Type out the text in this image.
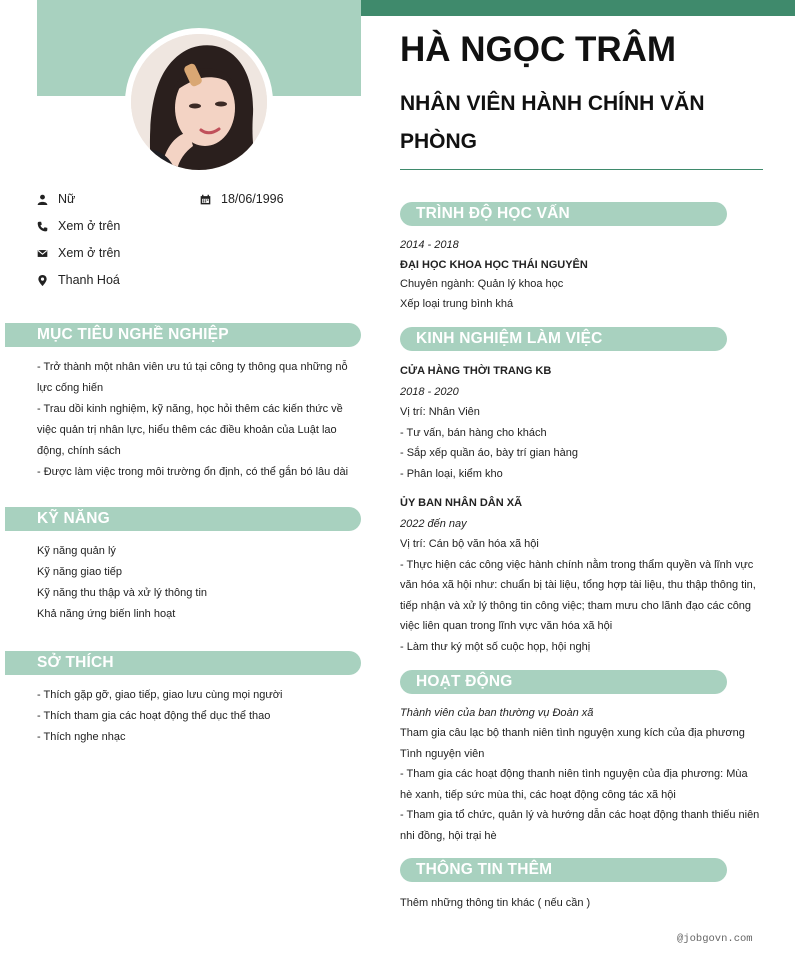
Nữ	18/06/1996
Xem ở trên
Xem ở trên
Thanh Hoá
MỤC TIÊU NGHỀ NGHIỆP
- Trở thành một nhân viên ưu tú tại công ty thông qua những nỗ
lực cống hiến
- Trau dồi kinh nghiệm, kỹ năng, học hỏi thêm các kiến thức về
việc quản trị nhân lực, hiểu thêm các điều khoản của Luật lao
động, chính sách
- Được làm việc trong môi trường ổn định, có thể gắn bó lâu dài
KỸ NĂNG
Kỹ năng quản lý
Kỹ năng giao tiếp
Kỹ năng thu thập và xử lý thông tin
Khả năng ứng biến linh hoạt
SỞ THÍCH
- Thích gặp gỡ, giao tiếp, giao lưu cùng mọi người
- Thích tham gia các hoạt động thể dục thể thao
- Thích nghe nhạc
HÀ NGỌC TRÂM
NHÂN VIÊN HÀNH CHÍNH VĂN PHÒNG
TRÌNH ĐỘ HỌC VẤN
2014 - 2018
ĐẠI HỌC KHOA HỌC THÁI NGUYÊN
Chuyên ngành: Quản lý khoa học
Xếp loại trung bình khá
KINH NGHIỆM LÀM VIỆC
CỬA HÀNG THỜI TRANG KB
2018 - 2020
Vị trí: Nhân Viên
- Tư vấn, bán hàng cho khách
- Sắp xếp quần áo, bày trí gian hàng
- Phân loại, kiểm kho
ỦY BAN NHÂN DÂN XÃ
2022 đến nay
Vị trí: Cán bộ văn hóa xã hội
- Thực hiện các công việc hành chính nằm trong thẩm quyền và lĩnh vực
văn hóa xã hội như: chuẩn bị tài liệu, tổng hợp tài liệu, thu thập thông tin,
tiếp nhận và xử lý thông tin công việc; tham mưu cho lãnh đạo các công
việc liên quan trong lĩnh vực văn hóa xã hội
- Làm thư ký một số cuộc họp, hội nghị
HOẠT ĐỘNG
Thành viên của ban thường vụ Đoàn xã
Tham gia câu lạc bộ thanh niên tình nguyện xung kích của địa phương
Tình nguyện viên
- Tham gia các hoạt động thanh niên tình nguyện của địa phương: Mùa
hè xanh, tiếp sức mùa thi, các hoạt động công tác xã hội
- Tham gia tổ chức, quản lý và hướng dẫn các hoạt động thanh thiếu niên
nhi đồng, hội trại hè
THÔNG TIN THÊM
Thêm những thông tin khác ( nếu cần )
@jobgovn.com
